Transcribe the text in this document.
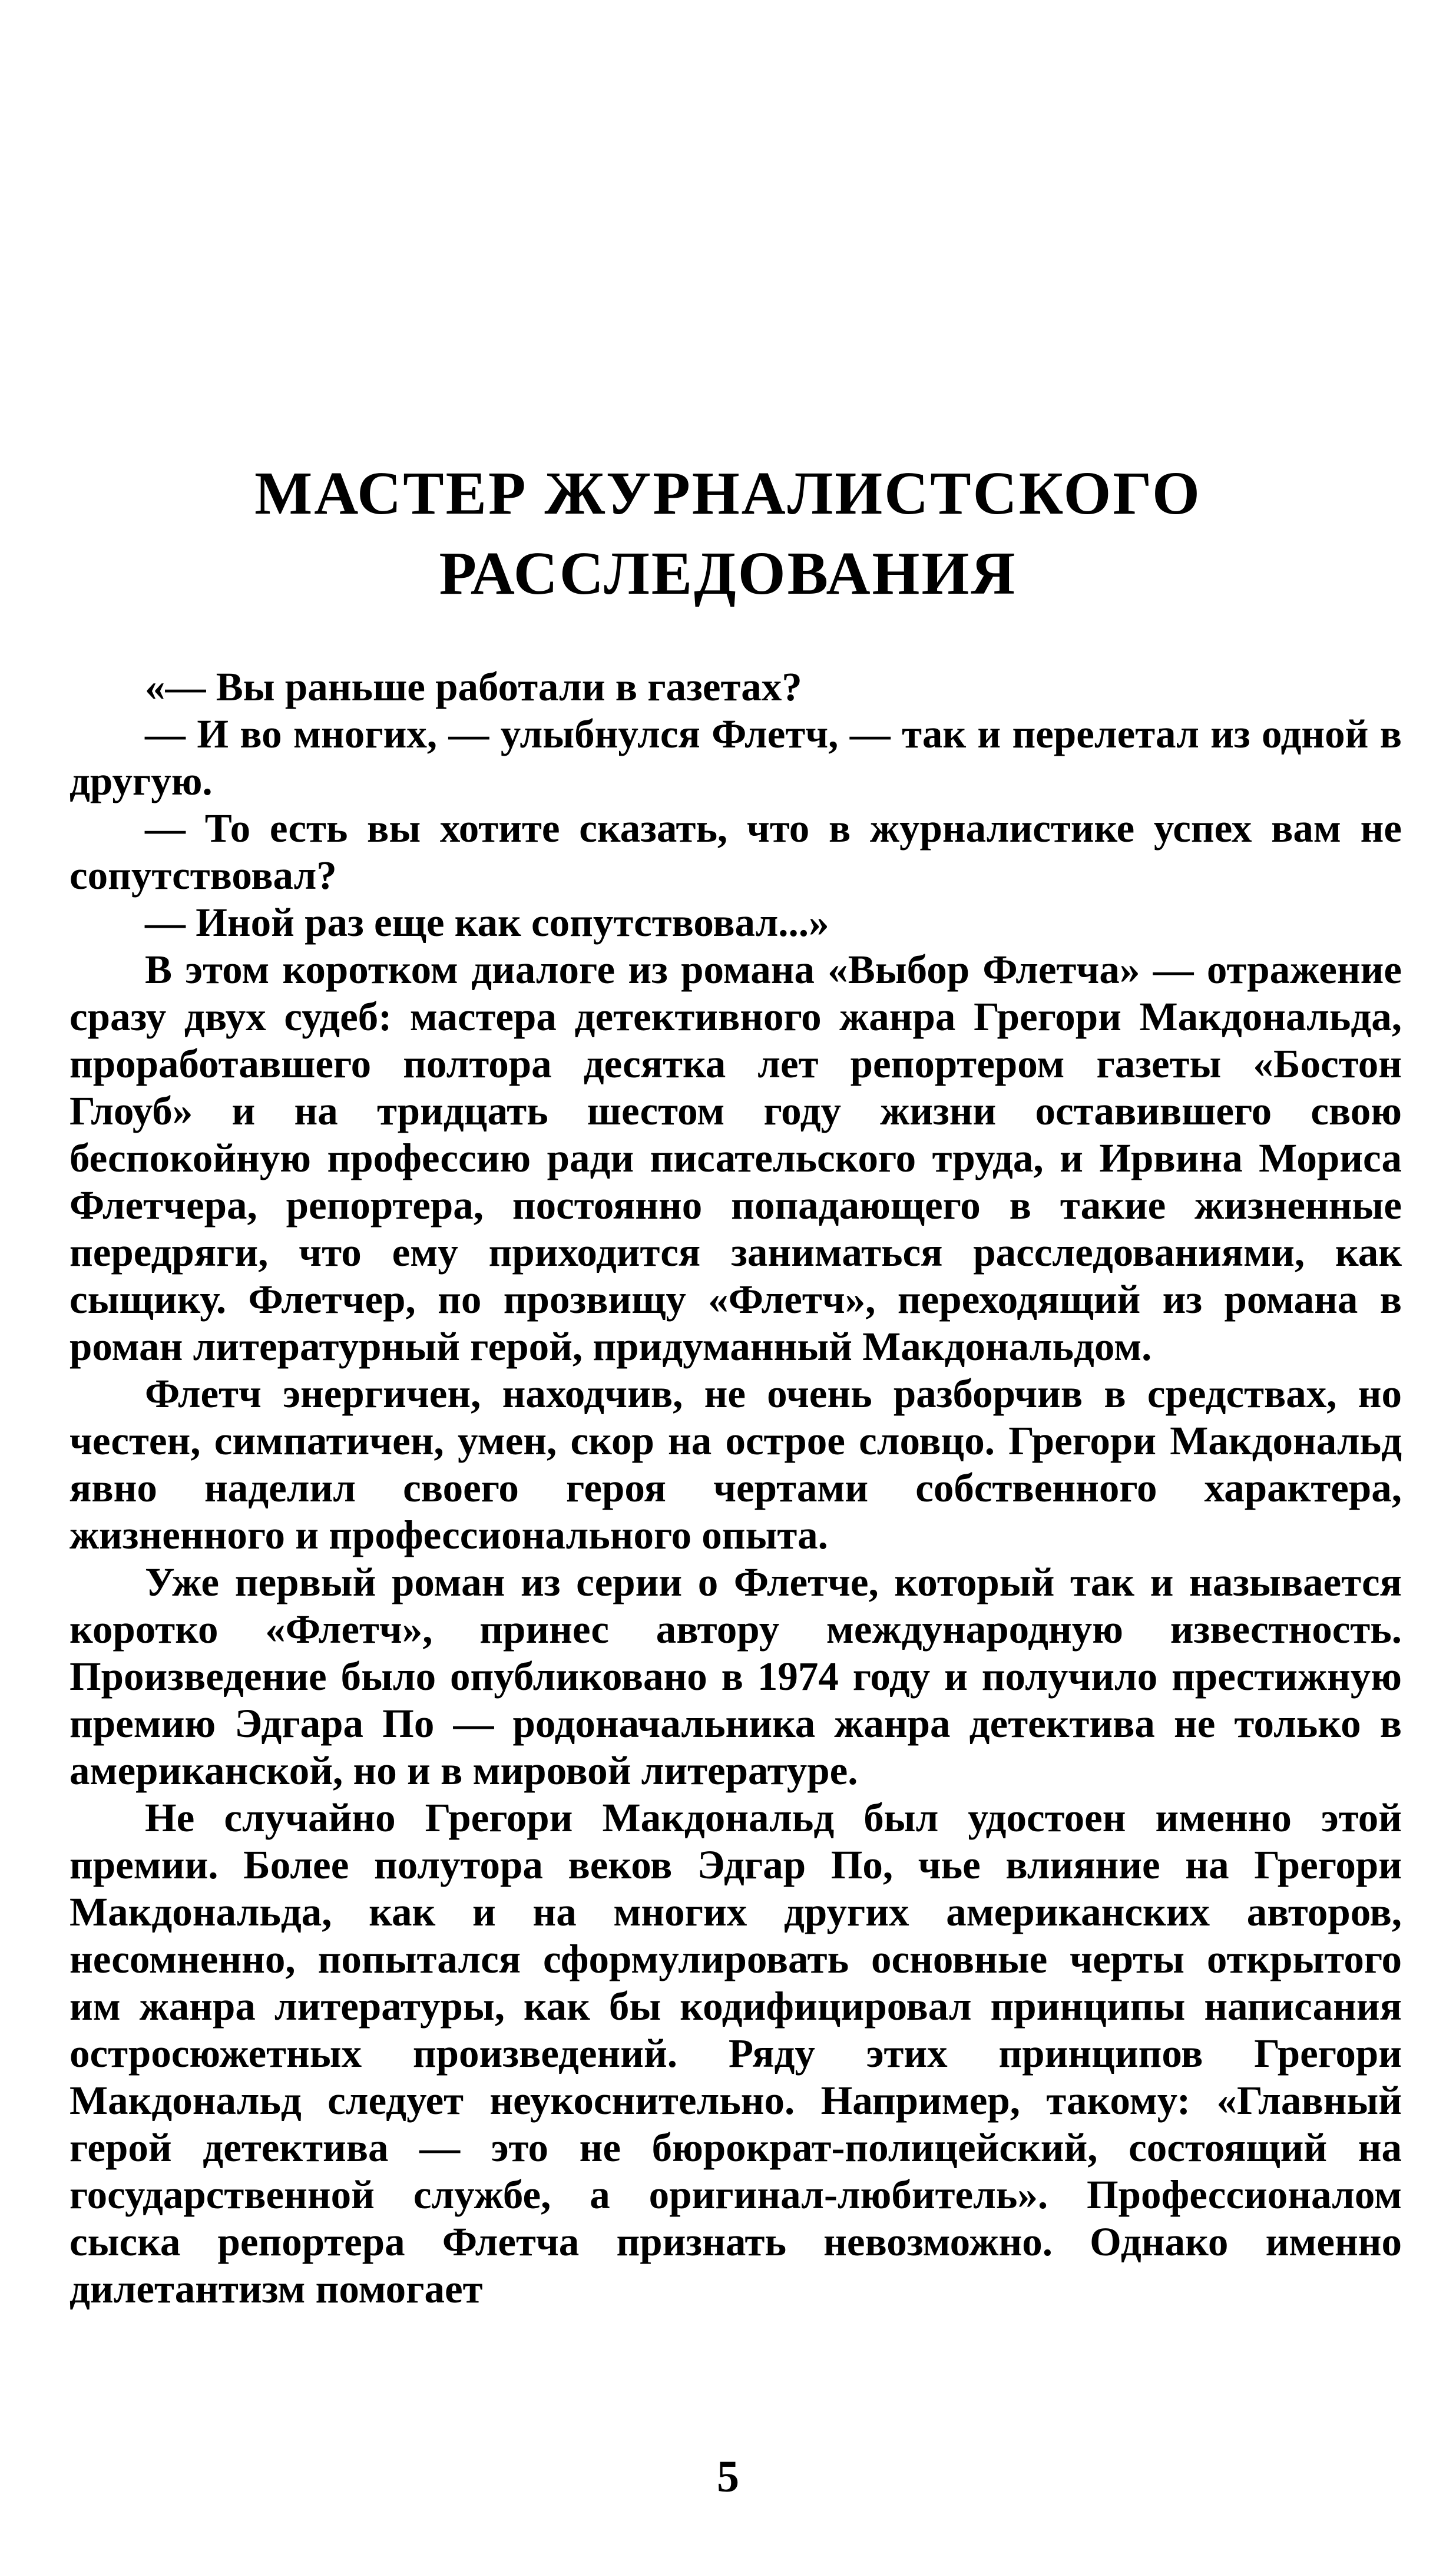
МАСТЕР ЖУРНАЛИСТСКОГО
РАССЛЕДОВАНИЯ

«— Вы раньше работали в газетах?

— И во многих, — улыбнулся Флетч, — так и перелетал из одной в другую.

— То есть вы хотите сказать, что в журналистике успех вам не сопутствовал?

— Иной раз еще как сопутствовал...»

В этом коротком диалоге из романа «Выбор Флетча» — отражение сразу двух судеб: мастера детективного жанра Грегори Макдональда, проработавшего полтора десятка лет репортером газеты «Бостон Глоуб» и на тридцать шестом году жизни оставившего свою беспокойную профессию ради писательского труда, и Ирвина Мориса Флетчера, репортера, постоянно попадающего в такие жизненные передряги, что ему приходится заниматься расследованиями, как сыщику. Флетчер, по прозвищу «Флетч», переходящий из романа в роман литературный герой, придуманный Макдональдом.

Флетч энергичен, находчив, не очень разборчив в средствах, но честен, симпатичен, умен, скор на острое словцо. Грегори Макдональд явно наделил своего героя чертами собственного характера, жизненного и профессионального опыта.

Уже первый роман из серии о Флетче, который так и называется коротко «Флетч», принес автору международную известность. Произведение было опубликовано в 1974 году и получило престижную премию Эдгара По — родоначальника жанра детектива не только в американской, но и в мировой литературе.

Не случайно Грегори Макдональд был удостоен именно этой премии. Более полутора веков Эдгар По, чье влияние на Грегори Макдональда, как и на многих других американских авторов, несомненно, попытался сформулировать основные черты открытого им жанра литературы, как бы кодифицировал принципы написания остросюжетных произведений. Ряду этих принципов Грегори Макдональд следует неукоснительно. Например, такому: «Главный герой детектива — это не бюрократ-полицейский, состоящий на государственной службе, а оригинал-любитель». Профессионалом сыска репортера Флетча признать невозможно. Однако именно дилетантизм помогает

5
